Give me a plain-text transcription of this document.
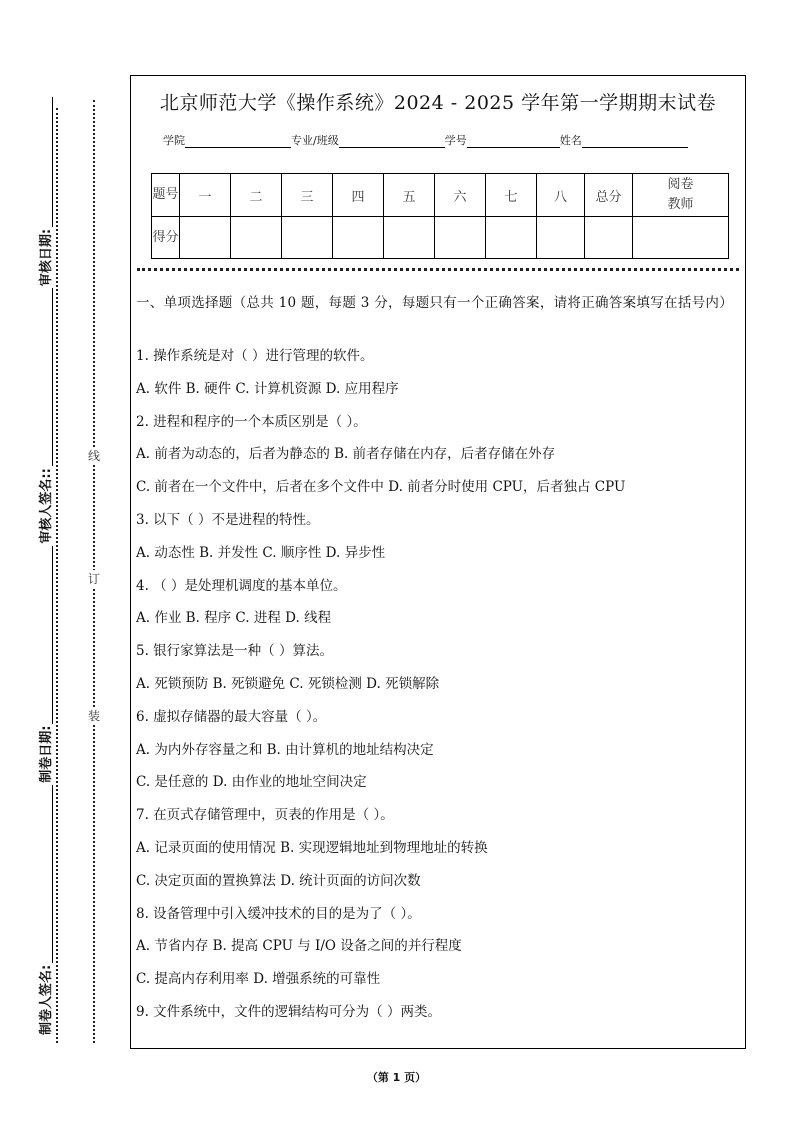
线
订
装
制卷人签名:
制卷日期:
审核人签名::
审核日期:
北京师范大学《操作系统》2024 - 2025 学年第一学期期末试卷
学院	专业/班级	学号	姓名
题号	一	二	三	四	五	六	七	八	总分	阅卷教师
得分										
一、单项选择题（总共 10 题，每题 3 分，每题只有一个正确答案，请将正确答案填写在括号内）
1. 操作系统是对（ ）进行管理的软件。
A. 软件 B. 硬件 C. 计算机资源 D. 应用程序
2. 进程和程序的一个本质区别是（ ）。
A. 前者为动态的，后者为静态的 B. 前者存储在内存，后者存储在外存
C. 前者在一个文件中，后者在多个文件中 D. 前者分时使用 CPU，后者独占 CPU
3. 以下（ ）不是进程的特性。
A. 动态性 B. 并发性 C. 顺序性 D. 异步性
4. （ ）是处理机调度的基本单位。
A. 作业 B. 程序 C. 进程 D. 线程
5. 银行家算法是一种（ ）算法。
A. 死锁预防 B. 死锁避免 C. 死锁检测 D. 死锁解除
6. 虚拟存储器的最大容量（ ）。
A. 为内外存容量之和 B. 由计算机的地址结构决定
C. 是任意的 D. 由作业的地址空间决定
7. 在页式存储管理中，页表的作用是（ ）。
A. 记录页面的使用情况 B. 实现逻辑地址到物理地址的转换
C. 决定页面的置换算法 D. 统计页面的访问次数
8. 设备管理中引入缓冲技术的目的是为了（ ）。
A. 节省内存 B. 提高 CPU 与 I/O 设备之间的并行程度
C. 提高内存利用率 D. 增强系统的可靠性
9. 文件系统中，文件的逻辑结构可分为（ ）两类。
（第 1 页）
